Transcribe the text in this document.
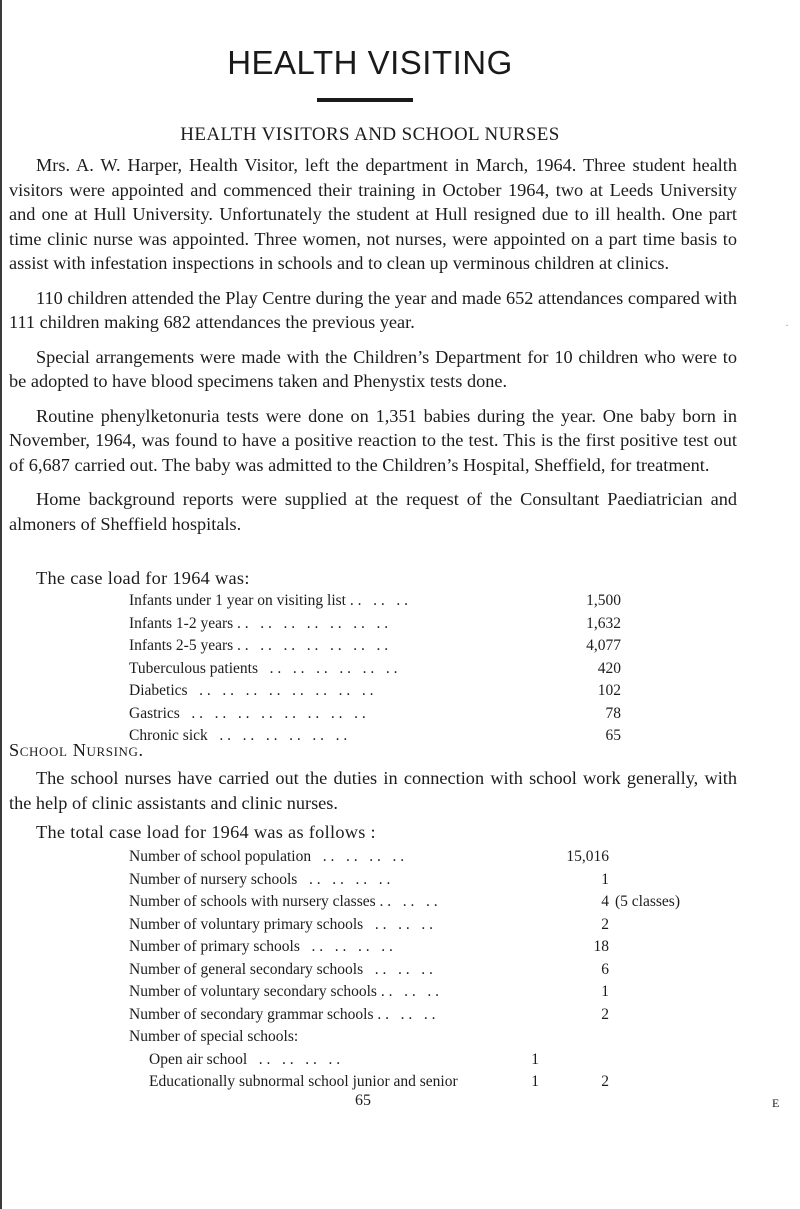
·
HEALTH VISITING
HEALTH VISITORS AND SCHOOL NURSES

Mrs. A. W. Harper, Health Visitor, left the department in March, 1964. Three student health visitors were appointed and commenced their training in October 1964, two at Leeds University and one at Hull University. Unfortunately the student at Hull resigned due to ill health. One part time clinic nurse was appointed. Three women, not nurses, were appointed on a part time basis to assist with infestation inspections in schools and to clean up verminous children at clinics.

110 children attended the Play Centre during the year and made 652 attendances compared with 111 children making 682 attendances the previous year.

Special arrangements were made with the Children’s Department for 10 children who were to be adopted to have blood specimens taken and Phenystix tests done.

Routine phenylketonuria tests were done on 1,351 babies during the year. One baby born in November, 1964, was found to have a positive reaction to the test. This is the first positive test out of 6,687 carried out. The baby was admitted to the Children’s Hospital, Sheffield, for treatment.

Home background reports were supplied at the request of the Consultant Paediatrician and almoners of Sheffield hospitals.

The case load for 1964 was:
Infants under 1 year on visiting list . .   . .   . .	1,500
Infants 1-2 years . .   . .   . .   . .   . .   . .   . .	1,632
Infants 2-5 years . .   . .   . .   . .   . .   . .   . .	4,077
Tuberculous patients   . .   . .   . .   . .   . .   . .	420
Diabetics   . .   . .   . .   . .   . .   . .   . .   . .	102
Gastrics   . .   . .   . .   . .   . .   . .   . .   . .	78
Chronic sick   . .   . .   . .   . .   . .   . .	65
School Nursing.

The school nurses have carried out the duties in connection with school work generally, with the help of clinic assistants and clinic nurses.

The total case load for 1964 was as follows :
Number of school population   . .   . .   . .   . .	15,016
Number of nursery schools   . .   . .   . .   . .	1
Number of schools with nursery classes . .   . .   . .	4 (5 classes)
Number of voluntary primary schools   . .   . .   . .	2
Number of primary schools   . .   . .   . .   . .	18
Number of general secondary schools   . .   . .   . .	6
Number of voluntary secondary schools . .   . .   . .	1
Number of secondary grammar schools . .   . .   . .	2
Number of special schools:
Open air school   . .   . .   . .   . .	1
Educationally subnormal school junior and senior	1	2
65	E
